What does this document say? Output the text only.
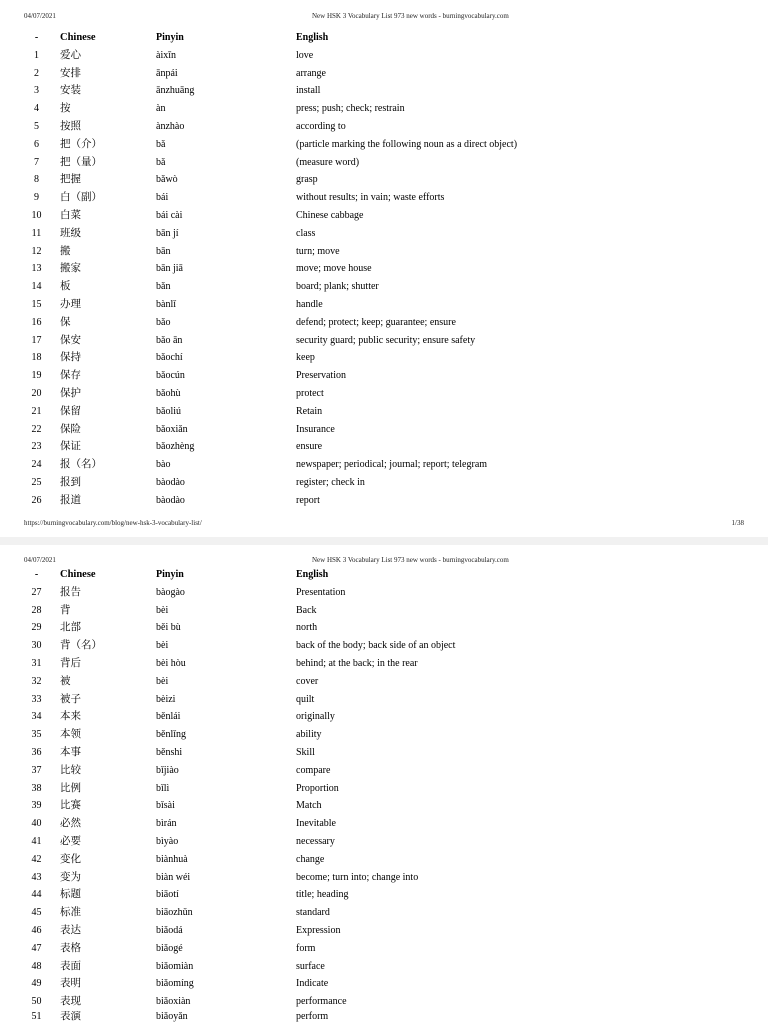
04/07/2021	New HSK 3 Vocabulary List 973 new words - burningvocabulary.com
-	Chinese	Pinyin	English
1	爱心	àixīn	love
2	安排	ānpái	arrange
3	安装	ānzhuāng	install
4	按	àn	press; push; check; restrain
5	按照	ànzhào	according to
6	把（介）	bǎ	(particle marking the following noun as a direct object)
7	把（量）	bǎ	(measure word)
8	把握	bǎwò	grasp
9	白（副）	bái	without results; in vain; waste efforts
10	白菜	bái cài	Chinese cabbage
11	班级	bān jí	class
12	搬	bān	turn; move
13	搬家	bān jiā	move; move house
14	板	bǎn	board; plank; shutter
15	办理	bànlǐ	handle
16	保	bǎo	defend; protect; keep; guarantee; ensure
17	保安	bǎo ān	security guard; public security; ensure safety
18	保持	bǎochí	keep
19	保存	bǎocún	Preservation
20	保护	bǎohù	protect
21	保留	bǎoliú	Retain
22	保险	bǎoxiǎn	Insurance
23	保证	bǎozhèng	ensure
24	报（名）	bào	newspaper; periodical; journal; report; telegram
25	报到	bàodào	register; check in
26	报道	bàodào	report
https://burningvocabulary.com/blog/new-hsk-3-vocabulary-list/	1/38
04/07/2021	New HSK 3 Vocabulary List 973 new words - burningvocabulary.com
-	Chinese	Pinyin	English
27	报告	bàogào	Presentation
28	背	bèi	Back
29	北部	běi bù	north
30	背（名）	bèi	back of the body; back side of an object
31	背后	bèi hòu	behind; at the back; in the rear
32	被	bèi	cover
33	被子	bèizi	quilt
34	本来	běnlái	originally
35	本领	běnlǐng	ability
36	本事	běnshi	Skill
37	比较	bǐjiào	compare
38	比例	bǐlì	Proportion
39	比赛	bǐsài	Match
40	必然	bìrán	Inevitable
41	必要	bìyào	necessary
42	变化	biànhuà	change
43	变为	biàn wéi	become; turn into; change into
44	标题	biāotí	title; heading
45	标准	biāozhǔn	standard
46	表达	biǎodá	Expression
47	表格	biǎogé	form
48	表面	biǎomiàn	surface
49	表明	biǎomíng	Indicate
50	表现	biǎoxiàn	performance
51	表演	biǎoyǎn	perform
